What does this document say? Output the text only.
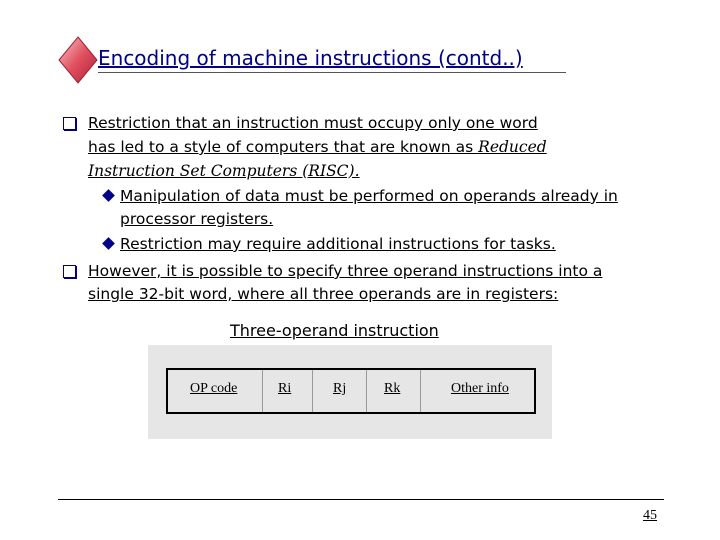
Encoding of machine instructions (contd..)
Restriction that an instruction must occupy only one word
has led to a style of computers that are known as Reduced
Instruction Set Computers (RISC).
Manipulation of data must be performed on operands already in
processor registers.
Restriction may require additional instructions for tasks.
However, it is possible to specify three operand instructions into a
single 32-bit word, where all three operands are in registers:
Three-operand instruction
OP code	Ri	Rj	Rk	Other info
45
